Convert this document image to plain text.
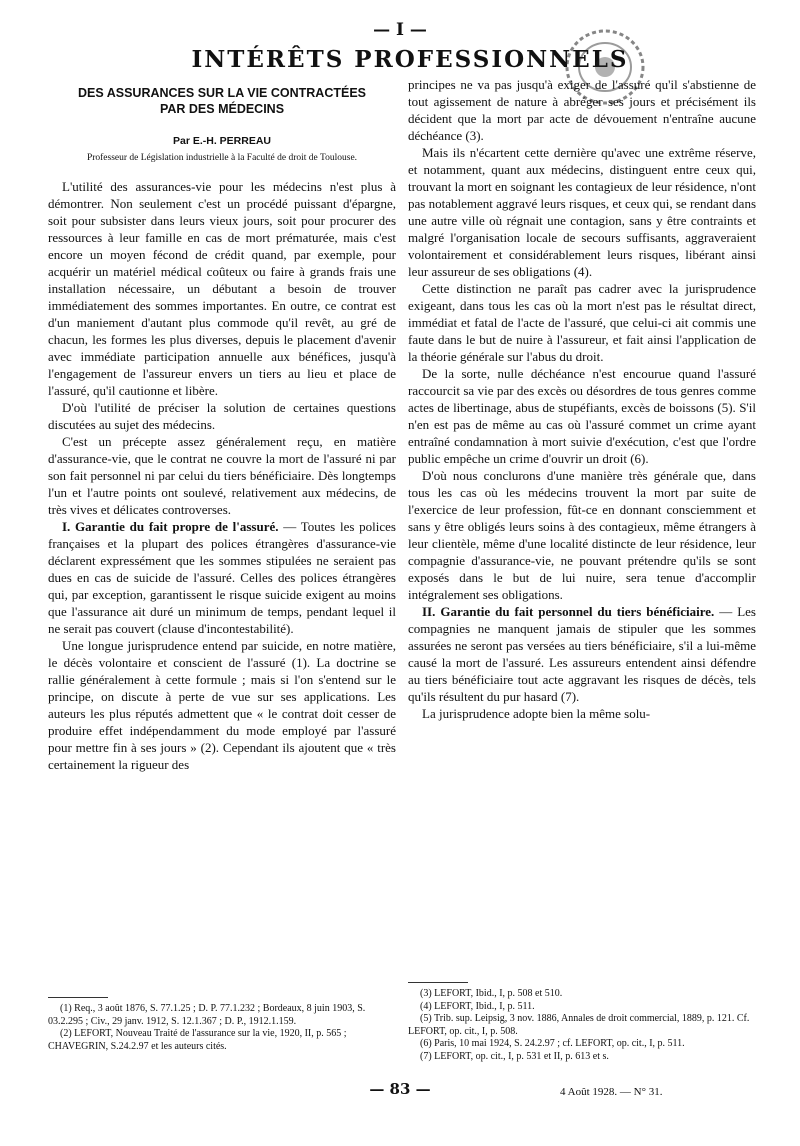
— I —
INTÉRÊTS PROFESSIONNELS
DES ASSURANCES SUR LA VIE CONTRACTÉES
PAR DES MÉDECINS
Par E.-H. PERREAU
Professeur de Législation industrielle à la Faculté de droit de Toulouse.

L'utilité des assurances-vie pour les médecins n'est plus à démontrer. Non seulement c'est un procédé puissant d'épargne, soit pour subsister dans leurs vieux jours, soit pour procurer des ressources à leur famille en cas de mort prématurée, mais c'est encore un moyen fécond de crédit quand, par exemple, pour acquérir un matériel médical coûteux ou faire à grands frais une installation nécessaire, un débutant a besoin de trouver immédiatement des sommes importantes. En outre, ce contrat est d'un maniement d'autant plus commode qu'il revêt, au gré de chacun, les formes les plus diverses, depuis le placement d'avenir avec immédiate participation annuelle aux bénéfices, jusqu'à l'engagement de l'assureur envers un tiers au lieu et place de l'assuré, qu'il cautionne et libère.

D'où l'utilité de préciser la solution de certaines questions discutées au sujet des médecins.

C'est un précepte assez généralement reçu, en matière d'assurance-vie, que le contrat ne couvre la mort de l'assuré ni par son fait personnel ni par celui du tiers bénéficiaire. Dès longtemps l'un et l'autre points ont soulevé, relativement aux médecins, de très vives et délicates controverses.

I. Garantie du fait propre de l'assuré. — Toutes les polices françaises et la plupart des polices étrangères d'assurance-vie déclarent expressément que les sommes stipulées ne seraient pas dues en cas de suicide de l'assuré. Celles des polices étrangères qui, par exception, garantissent le risque suicide exigent au moins que l'assurance ait duré un minimum de temps, pendant lequel il ne serait pas couvert (clause d'incontestabilité).

Une longue jurisprudence entend par suicide, en notre matière, le décès volontaire et conscient de l'assuré (1). La doctrine se rallie généralement à cette formule ; mais si l'on s'entend sur le principe, on discute à perte de vue sur ses applications. Les auteurs les plus réputés admettent que « le contrat doit cesser de produire effet indépendamment du mode employé par l'assuré pour mettre fin à ses jours » (2). Cependant ils ajoutent que « très certainement la rigueur des

principes ne va pas jusqu'à exiger de l'assuré qu'il s'abstienne de tout agissement de nature à abréger ses jours et précisément ils décident que la mort par acte de dévouement n'entraîne aucune déchéance (3).

Mais ils n'écartent cette dernière qu'avec une extrême réserve, et notamment, quant aux médecins, distinguent entre ceux qui, trouvant la mort en soignant les contagieux de leur résidence, n'ont pas notablement aggravé leurs risques, et ceux qui, se rendant dans une autre ville où régnait une contagion, sans y être contraints et malgré l'organisation locale de secours suffisants, aggraveraient volontairement et considérablement leurs risques, libérant ainsi leur assureur de ses obligations (4).

Cette distinction ne paraît pas cadrer avec la jurisprudence exigeant, dans tous les cas où la mort n'est pas le résultat direct, immédiat et fatal de l'acte de l'assuré, que celui-ci ait commis une faute dans le but de nuire à l'assureur, et fait ainsi l'application de la théorie générale sur l'abus du droit.

De la sorte, nulle déchéance n'est encourue quand l'assuré raccourcit sa vie par des excès ou désordres de tous genres comme actes de libertinage, abus de stupéfiants, excès de boissons (5). S'il n'en est pas de même au cas où l'assuré commet un crime ayant entraîné condamnation à mort suivie d'exécution, c'est que l'ordre public empêche un crime d'ouvrir un droit (6).

D'où nous conclurons d'une manière très générale que, dans tous les cas où les médecins trouvent la mort par suite de l'exercice de leur profession, fût-ce en donnant consciemment et sans y être obligés leurs soins à des contagieux, même étrangers à leur clientèle, même d'une localité distincte de leur résidence, leur compagnie d'assurance-vie, ne pouvant prétendre qu'ils se sont exposés dans le but de lui nuire, sera tenue d'accomplir intégralement ses obligations.

II. Garantie du fait personnel du tiers bénéficiaire. — Les compagnies ne manquent jamais de stipuler que les sommes assurées ne seront pas versées au tiers bénéficiaire, s'il a lui-même causé la mort de l'assuré. Les assureurs entendent ainsi défendre au tiers bénéficiaire tout acte aggravant les risques de décès, tels qu'ils résultent du pur hasard (7).

La jurisprudence adopte bien la même solu-

(1) Req., 3 août 1876, S. 77.1.25 ; D. P. 77.1.232 ; Bordeaux, 8 juin 1903, S. 03.2.295 ; Civ., 29 janv. 1912, S. 12.1.367 ; D. P., 1912.1.159.

(2) LEFORT, Nouveau Traité de l'assurance sur la vie, 1920, II, p. 565 ; CHAVEGRIN, S.24.2.97 et les auteurs cités.

(3) LEFORT, Ibid., I, p. 508 et 510.

(4) LEFORT, Ibid., I, p. 511.

(5) Trib. sup. Leipsig, 3 nov. 1886, Annales de droit commercial, 1889, p. 121. Cf. LEFORT, op. cit., I, p. 508.

(6) Paris, 10 mai 1924, S. 24.2.97 ; cf. LEFORT, op. cit., I, p. 511.

(7) LEFORT, op. cit., I, p. 531 et II, p. 613 et s.

— 83 —	4 Août 1928. — N° 31.
